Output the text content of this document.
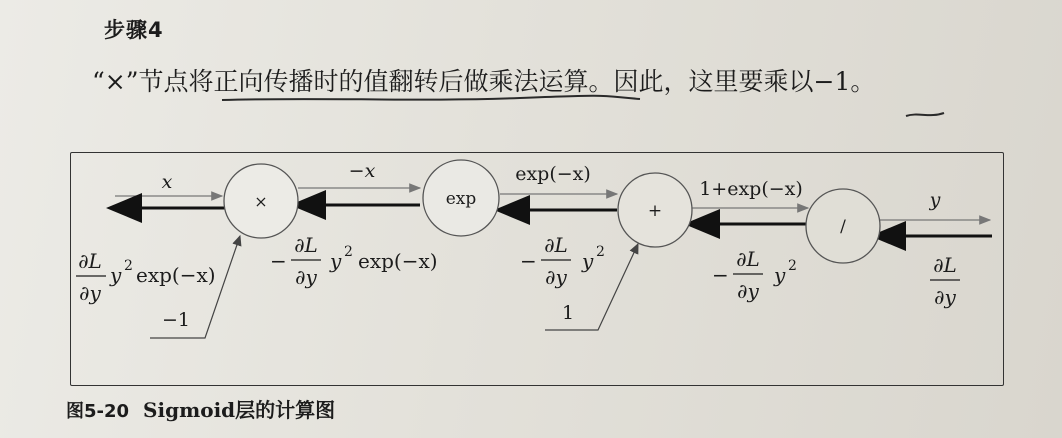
步骤4
“×”节点将正向传播时的值翻转后做乘法运算。因此，这里要乘以−1。
×	exp
+
/
x	−x	exp(−x)
1+exp(−x)	y
−1	1
∂L
∂y
y 2 exp(−x)
−
∂L
∂y
y 2 exp(−x)	−
∂L
∂y
y 2
−
∂L
∂y
y 2	∂L
∂y
图5-20 Sigmoid层的计算图
